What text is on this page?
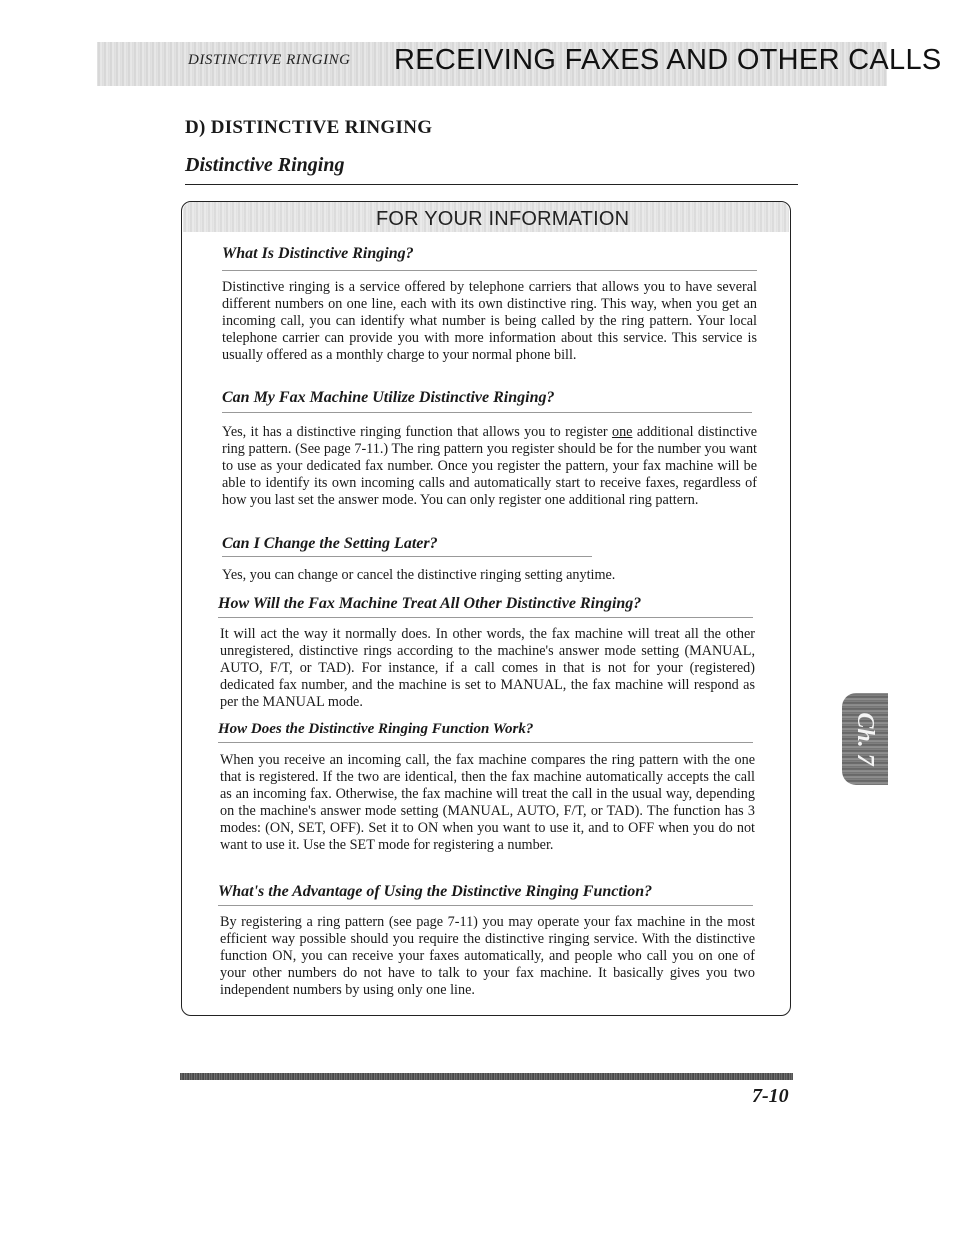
DISTINCTIVE RINGING RECEIVING FAXES AND OTHER CALLS
D) DISTINCTIVE RINGING
Distinctive Ringing
FOR YOUR INFORMATION
What Is Distinctive Ringing?
Distinctive ringing is a service offered by telephone carriers that allows you to have several different numbers on one line, each with its own distinctive ring. This way, when you get an incoming call, you can identify what number is being called by the ring pattern. Your local telephone carrier can provide you with more information about this service. This service is usually offered as a monthly charge to your normal phone bill.
Can My Fax Machine Utilize Distinctive Ringing?
Yes, it has a distinctive ringing function that allows you to register one additional distinctive ring pattern. (See page 7-11.) The ring pattern you register should be for the number you want to use as your dedicated fax number. Once you register the pattern, your fax machine will be able to identify its own incoming calls and automatically start to receive faxes, regardless of how you last set the answer mode. You can only register one additional ring pattern.
Can I Change the Setting Later?
Yes, you can change or cancel the distinctive ringing setting anytime.
How Will the Fax Machine Treat All Other Distinctive Ringing?
It will act the way it normally does. In other words, the fax machine will treat all the other unregistered, distinctive rings according to the machine's answer mode setting (MANUAL, AUTO, F/T, or TAD). For instance, if a call comes in that is not for your (registered) dedicated fax number, and the machine is set to MANUAL, the fax machine will respond as per the MANUAL mode.
How Does the Distinctive Ringing Function Work?
When you receive an incoming call, the fax machine compares the ring pattern with the one that is registered. If the two are identical, then the fax machine automatically accepts the call as an incoming fax. Otherwise, the fax machine will treat the call in the usual way, depending on the machine's answer mode setting (MANUAL, AUTO, F/T, or TAD). The function has 3 modes: (ON, SET, OFF). Set it to ON when you want to use it, and to OFF when you do not want to use it. Use the SET mode for registering a number.
What's the Advantage of Using the Distinctive Ringing Function?
By registering a ring pattern (see page 7-11) you may operate your fax machine in the most efficient way possible should you require the distinctive ringing service. With the distinctive function ON, you can receive your faxes automatically, and people who call you on one of your other numbers do not have to talk to your fax machine. It basically gives you two independent numbers by using only one line.
Ch. 7
7-10
